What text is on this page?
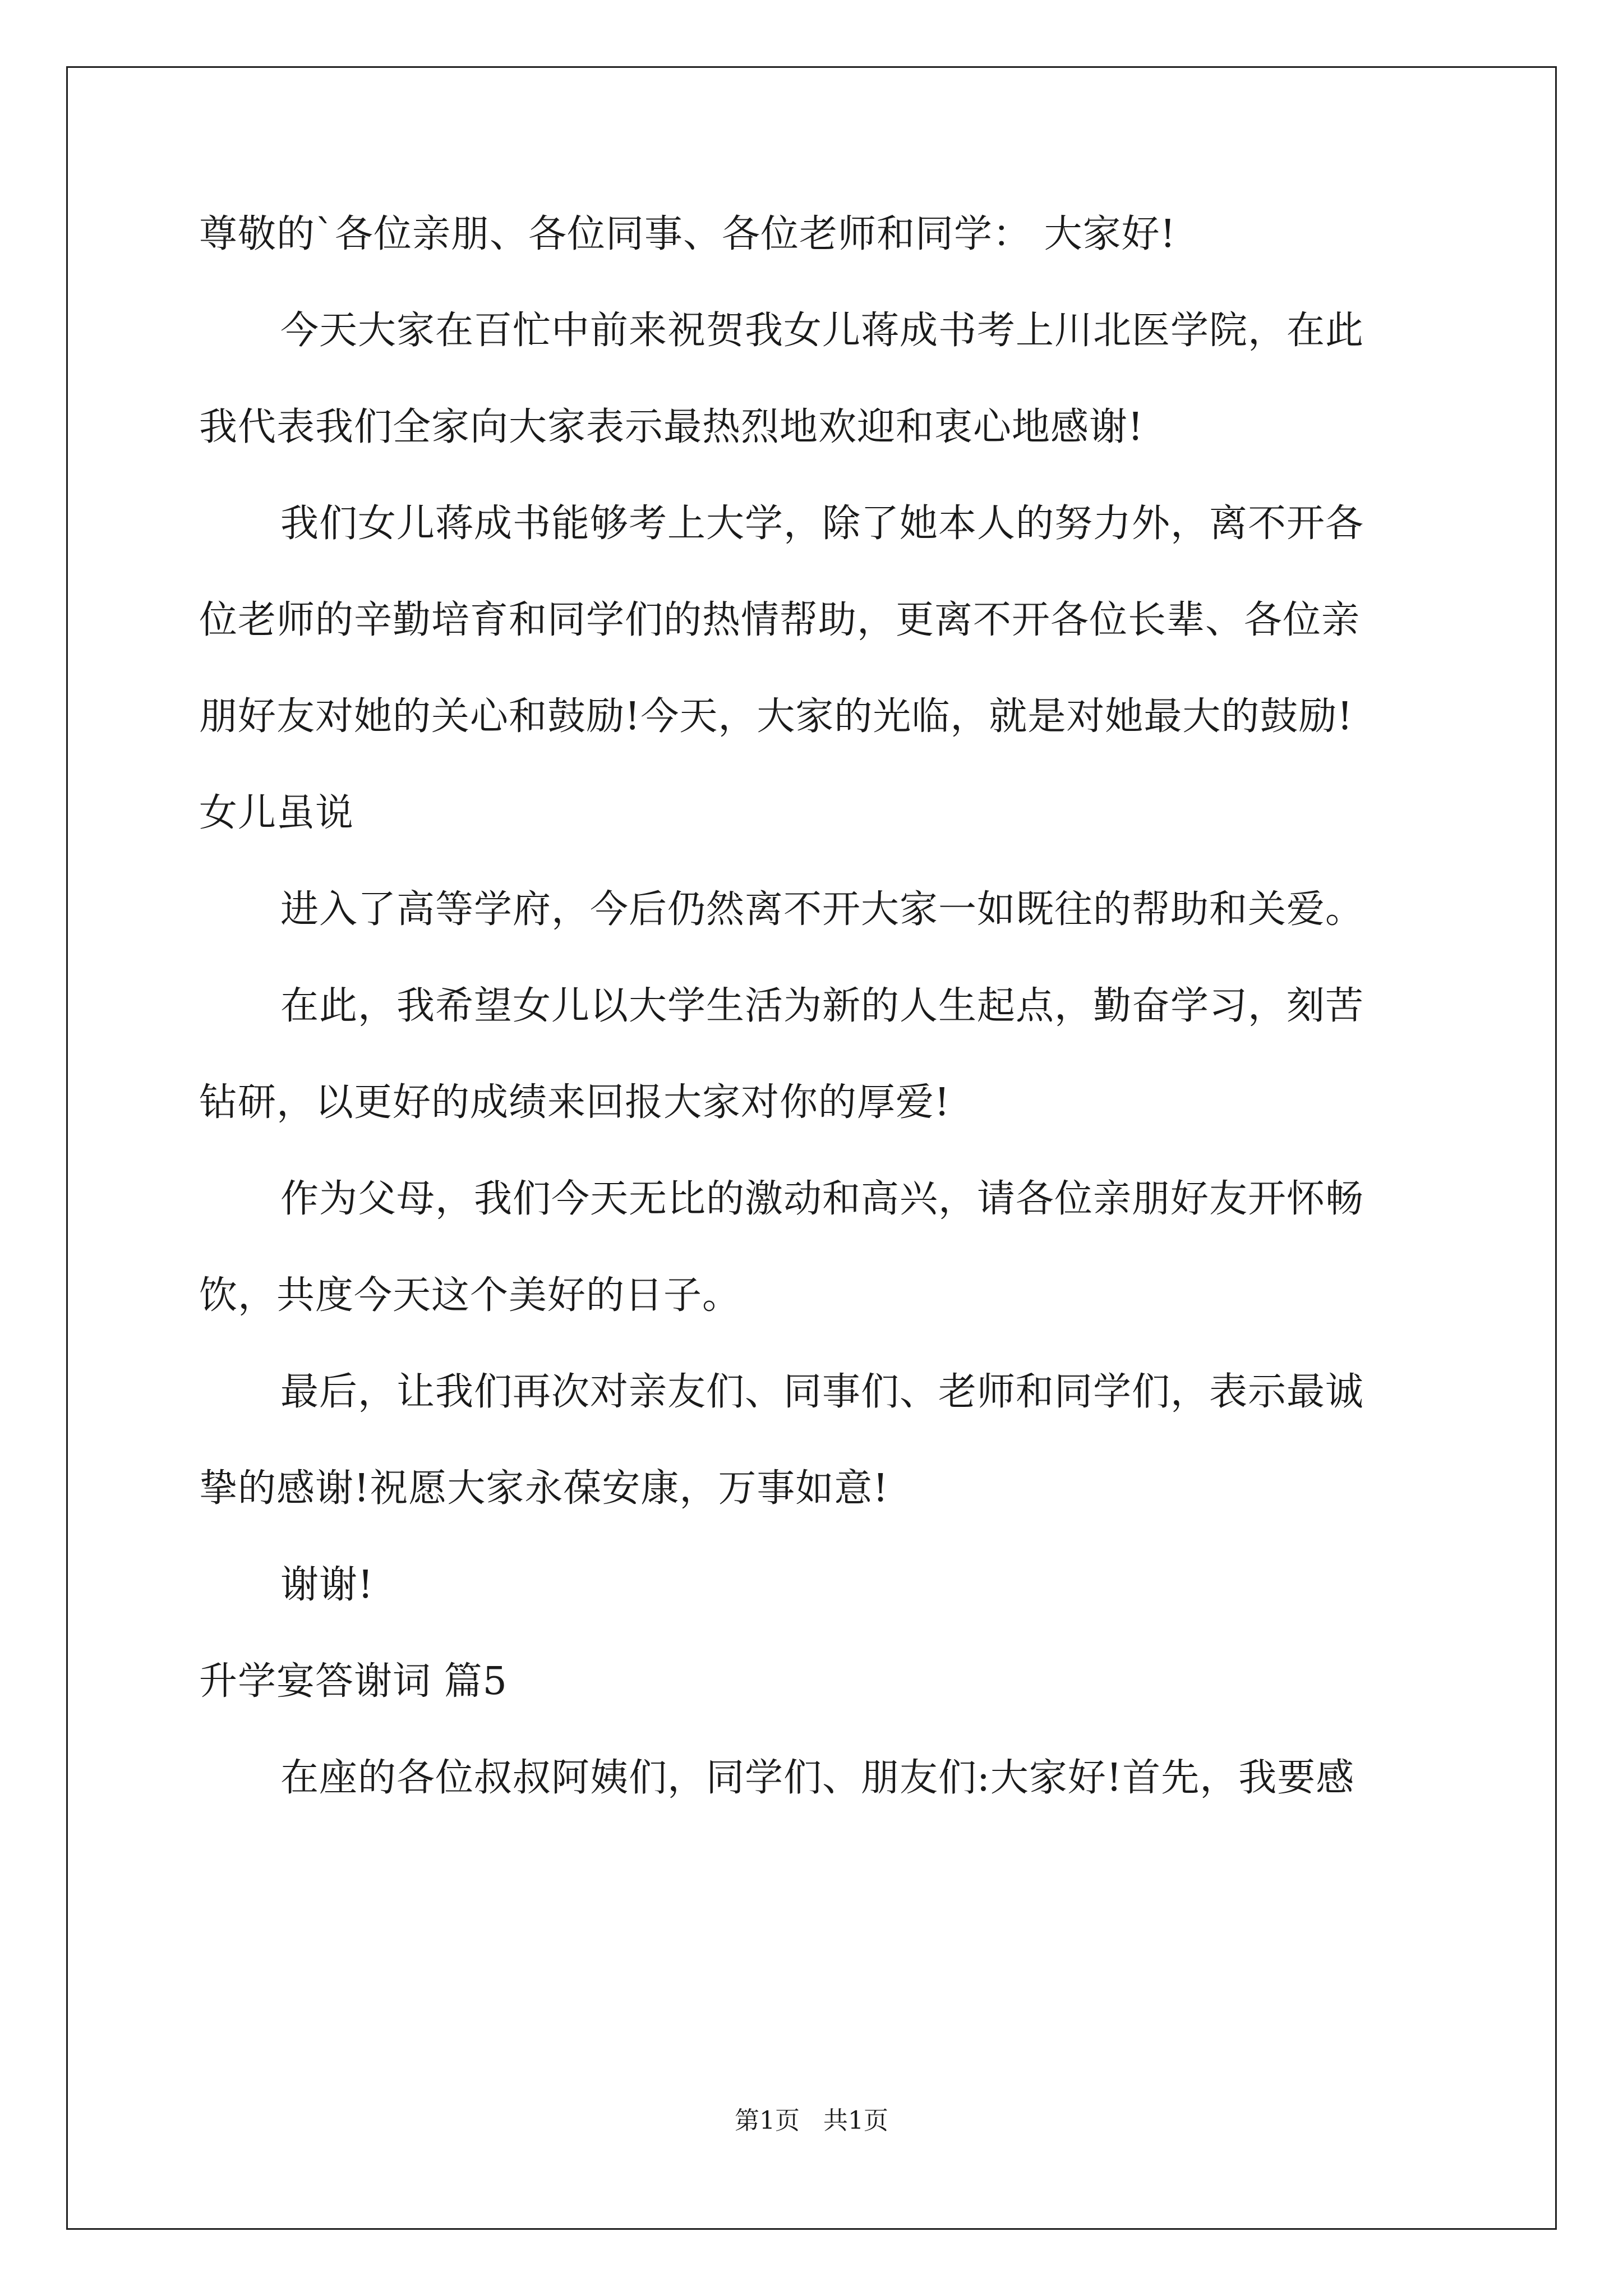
尊敬的`各位亲朋、各位同事、各位老师和同学： 大家好!
今天大家在百忙中前来祝贺我女儿蒋成书考上川北医学院，在此
我代表我们全家向大家表示最热烈地欢迎和衷心地感谢!
我们女儿蒋成书能够考上大学，除了她本人的努力外，离不开各
位老师的辛勤培育和同学们的热情帮助，更离不开各位长辈、各位亲
朋好友对她的关心和鼓励!今天，大家的光临，就是对她最大的鼓励!
女儿虽说
进入了高等学府，今后仍然离不开大家一如既往的帮助和关爱。
在此，我希望女儿以大学生活为新的人生起点，勤奋学习，刻苦
钻研，以更好的成绩来回报大家对你的厚爱!
作为父母，我们今天无比的激动和高兴，请各位亲朋好友开怀畅
饮，共度今天这个美好的日子。
最后，让我们再次对亲友们、同事们、老师和同学们，表示最诚
挚的感谢!祝愿大家永葆安康，万事如意!
谢谢!
升学宴答谢词 篇5
在座的各位叔叔阿姨们，同学们、朋友们:大家好!首先，我要感
第1页   共1页
